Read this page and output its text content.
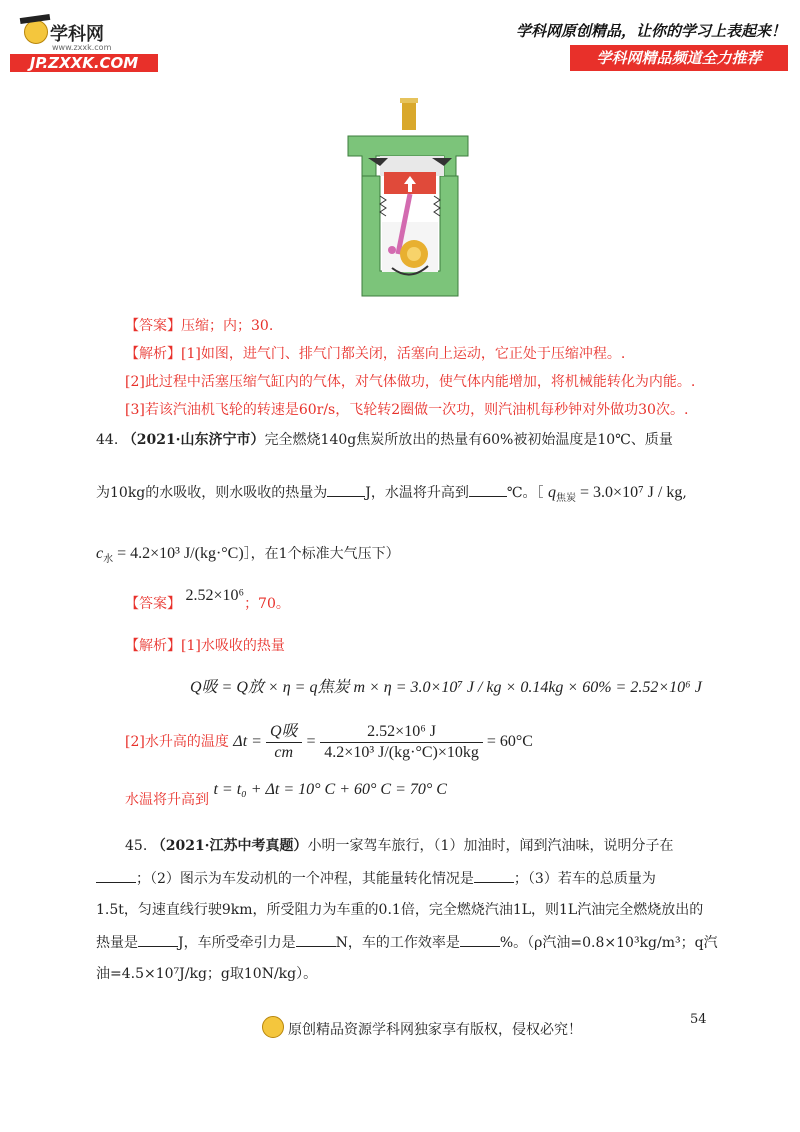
学科网
www.zxxk.com
JP.ZXXK.COM
学科网原创精品，让你的学习上表起来！
学科网精品频道全力推荐
【答案】压缩；内；30.
【解析】[1]如图，进气门、排气门都关闭，活塞向上运动，它正处于压缩冲程。.
[2]此过程中活塞压缩气缸内的气体，对气体做功，使气体内能增加，将机械能转化为内能。.
[3]若该汽油机飞轮的转速是60r/s，飞轮转2圈做一次功，则汽油机每秒钟对外做功30次。.
44. （2021·山东济宁市）完全燃烧140g焦炭所放出的热量有60%被初始温度是10℃、质量
为10kg的水吸收，则水吸收的热量为	J，水温将升高到	℃。［ $q_{焦炭} = 3.0\times 10^7$ J / kg,
$c_水 = 4.2\times 10^3$ J/(kg·°C)］，在1个标准大气压下）
【答案】 2.52×10⁶；70。
【解析】[1]水吸收的热量
Q吸 = Q放 × η = q焦炭 m × η = 3.0×10⁷ J / kg × 0.14kg × 60% = 2.52×10⁶ J
[2]水升高的温度 $\Delta t = \frac{\text{Q吸}}{cm} = \frac{\text{2.52×10⁶ J}}{\text{4.2×10³ J/(kg·°C)×10kg}} = 60^\circ C$
水温将升高到 t = t₀ + Δt = 10° C + 60° C = 70° C
45. （2021·江苏中考真题）小明一家驾车旅行，（1）加油时，闻到汽油味，说明分子在
；（2）图示为车发动机的一个冲程，其能量转化情况是	；（3）若车的总质量为
1.5t，匀速直线行驶9km，所受阻力为车重的0.1倍，完全燃烧汽油1L，则1L汽油完全燃烧放出的
热量是	J，车所受牵引力是	N，车的工作效率是	%。（ρ汽油=0.8×10³kg/m³；q汽
油=4.5×10⁷J/kg；g取10N/kg）。
54
原创精品资源学科网独家享有版权，侵权必究！
